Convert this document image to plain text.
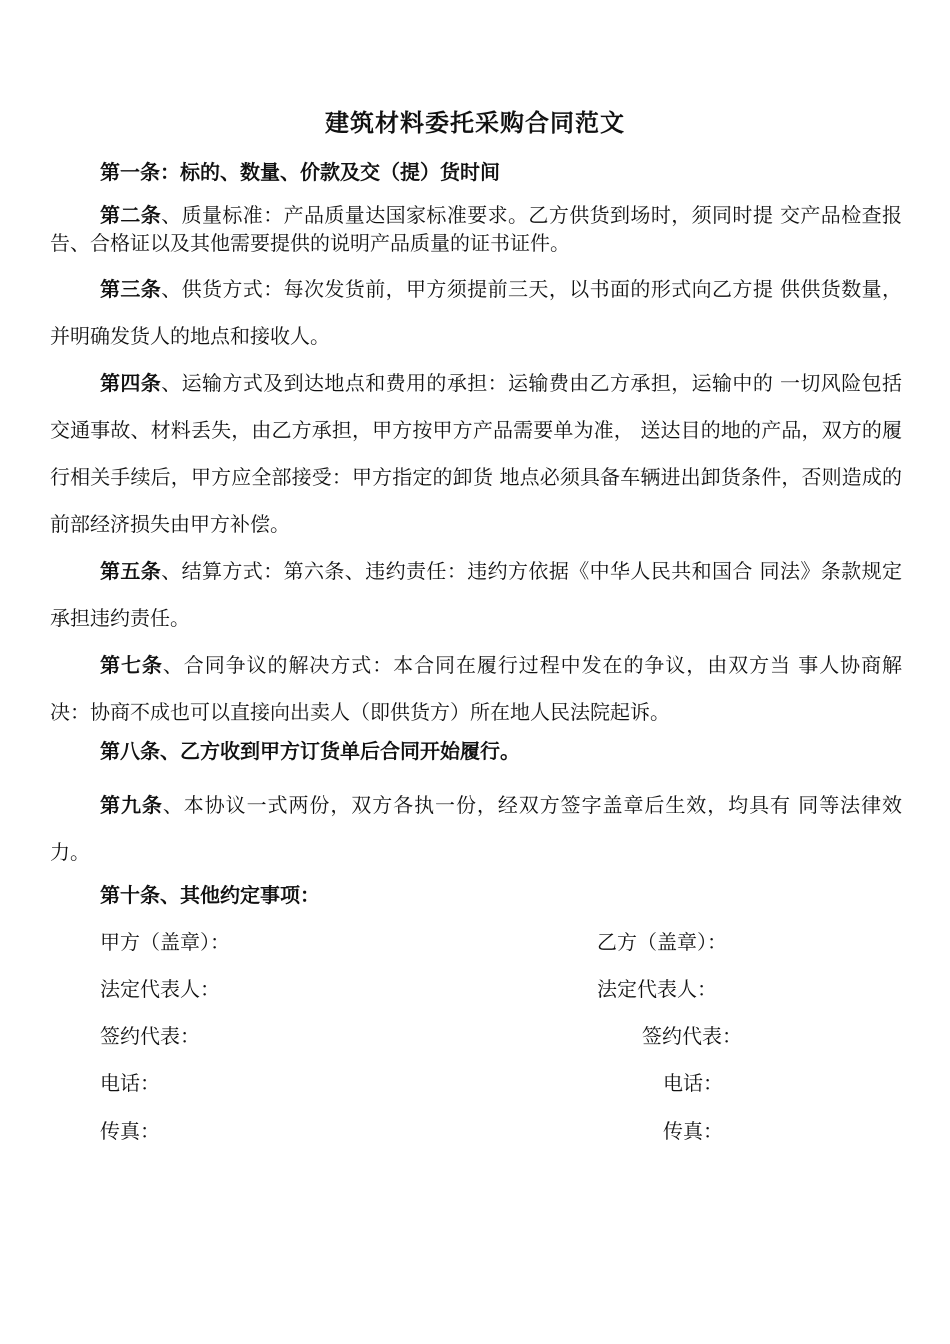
建筑材料委托采购合同范文
第一条：标的、数量、价款及交（提）货时间
第二条、质量标准：产品质量达国家标准要求。乙方供货到场时，须同时提 交产品检查报告、合格证以及其他需要提供的说明产品质量的证书证件。
第三条、供货方式：每次发货前，甲方须提前三天，以书面的形式向乙方提 供供货数量，并明确发货人的地点和接收人。
第四条、运输方式及到达地点和费用的承担：运输费由乙方承担，运输中的 一切风险包括交通事故、材料丢失，由乙方承担，甲方按甲方产品需要单为准， 送达目的地的产品，双方的履行相关手续后，甲方应全部接受：甲方指定的卸货 地点必须具备车辆进出卸货条件，否则造成的前部经济损失由甲方补偿。
第五条、结算方式：第六条、违约责任：违约方依据《中华人民共和国合 同法》条款规定承担违约责任。
第七条、合同争议的解决方式：本合同在履行过程中发在的争议，由双方当 事人协商解决：协商不成也可以直接向出卖人（即供货方）所在地人民法院起诉。
第八条、乙方收到甲方订货单后合同开始履行。
第九条、本协议一式两份，双方各执一份，经双方签字盖章后生效，均具有 同等法律效力。
第十条、其他约定事项：
甲方（盖章）：	乙方（盖章）：
法定代表人：	法定代表人：
签约代表：	签约代表：
电话：	电话：
传真：	传真：
